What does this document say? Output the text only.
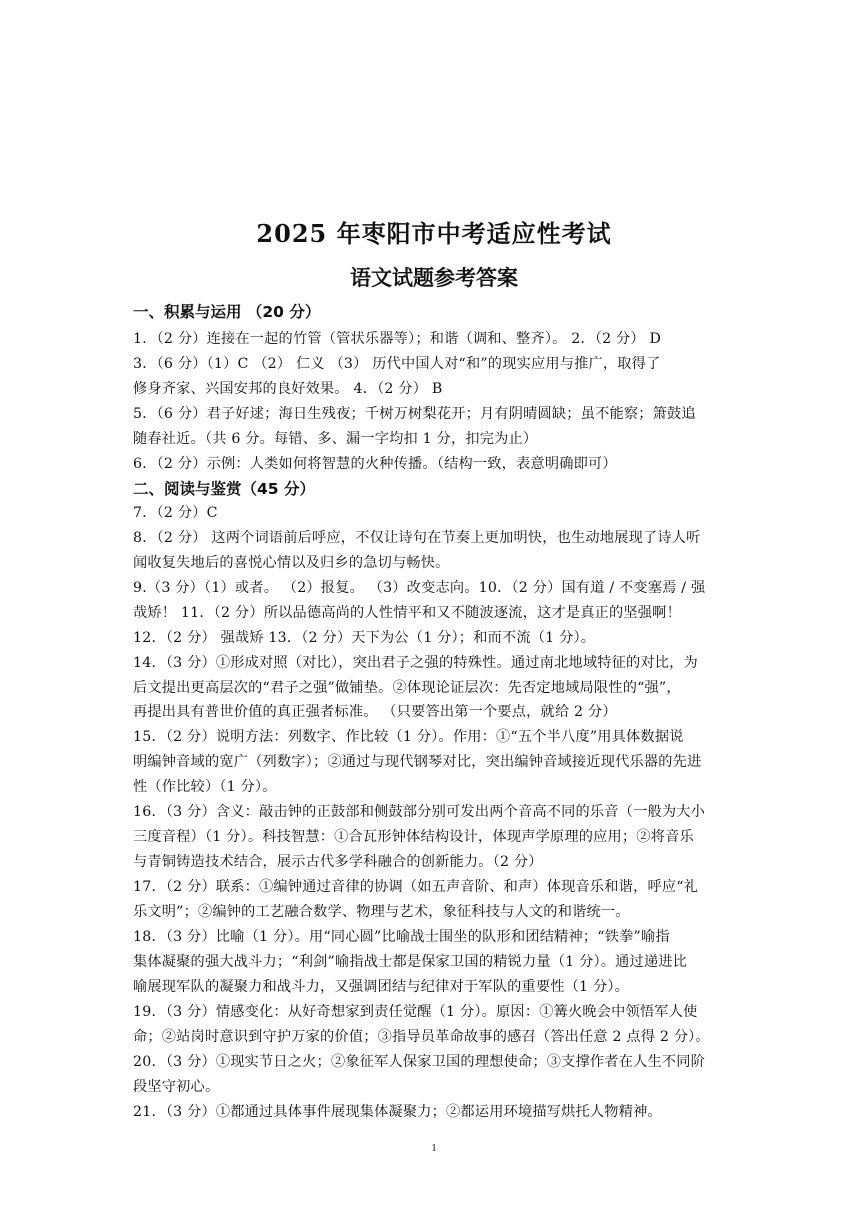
2025 年枣阳市中考适应性考试
语文试题参考答案
一、积累与运用 （20 分）
1．（2 分）连接在一起的竹管（管状乐器等）；和谐（调和、整齐）。 2．（2 分） D
3．（6 分）（1）C （2） 仁义 （3） 历代中国人对“和”的现实应用与推广，取得了
修身齐家、兴国安邦的良好效果。 4．（2 分） B
5．（6 分）君子好逑；海日生残夜；千树万树梨花开；月有阴晴圆缺；虽不能察；箫鼓追
随春社近。（共 6 分。每错、多、漏一字均扣 1 分，扣完为止）
6．（2 分）示例：人类如何将智慧的火种传播。（结构一致，表意明确即可）
二、阅读与鉴赏（45 分）
7．（2 分）C
8．（2 分） 这两个词语前后呼应，不仅让诗句在节奏上更加明快，也生动地展现了诗人听
闻收复失地后的喜悦心情以及归乡的急切与畅快。
9.（3 分）（1）或者。 （2）报复。 （3）改变志向。10．（2 分）国有道 / 不变塞焉 / 强
哉矫！ 11．（2 分）所以品德高尚的人性情平和又不随波逐流，这才是真正的坚强啊！
12．（2 分） 强哉矫 13．（2 分）天下为公（1 分）；和而不流（1 分）。
14．（3 分）①形成对照（对比），突出君子之强的特殊性。通过南北地域特征的对比，为
后文提出更高层次的“君子之强”做铺垫。②体现论证层次：先否定地域局限性的“强”，
再提出具有普世价值的真正强者标准。 （只要答出第一个要点，就给 2 分）
15．（2 分）说明方法：列数字、作比较（1 分）。作用：①“五个半八度”用具体数据说
明编钟音域的宽广（列数字）；②通过与现代钢琴对比，突出编钟音域接近现代乐器的先进
性（作比较）（1 分）。
16．（3 分）含义：敲击钟的正鼓部和侧鼓部分别可发出两个音高不同的乐音（一般为大小
三度音程）（1 分）。科技智慧：①合瓦形钟体结构设计，体现声学原理的应用；②将音乐
与青铜铸造技术结合，展示古代多学科融合的创新能力。（2 分）
17．（2 分）联系：①编钟通过音律的协调（如五声音阶、和声）体现音乐和谐，呼应“礼
乐文明”；②编钟的工艺融合数学、物理与艺术，象征科技与人文的和谐统一。
18．（3 分）比喻（1 分）。用“同心圆”比喻战士围坐的队形和团结精神；“铁拳”喻指
集体凝聚的强大战斗力；“利剑”喻指战士都是保家卫国的精锐力量（1 分）。通过递进比
喻展现军队的凝聚力和战斗力，又强调团结与纪律对于军队的重要性（1 分）。
19．（3 分）情感变化：从好奇想家到责任觉醒（1 分）。原因：①篝火晚会中领悟军人使
命；②站岗时意识到守护万家的价值；③指导员革命故事的感召（答出任意 2 点得 2 分）。
20．（3 分）①现实节日之火；②象征军人保家卫国的理想使命；③支撑作者在人生不同阶
段坚守初心。
21．（3 分）①都通过具体事件展现集体凝聚力；②都运用环境描写烘托人物精神。
1
